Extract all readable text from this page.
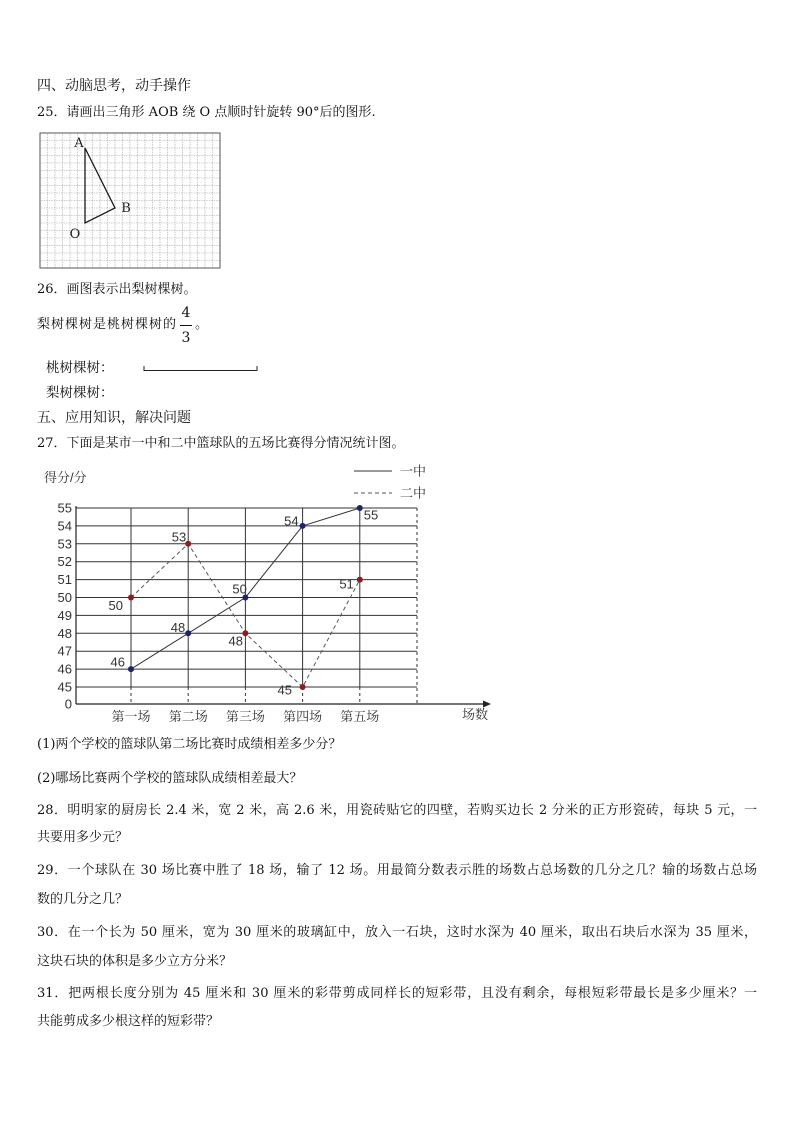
四、动脑思考，动手操作
25．请画出三角形 AOB 绕 O 点顺时针旋转 90°后的图形.
A
B
O
26．画图表示出梨树棵树。
梨树棵树是桃树棵树的
4
3
。
桃树棵树：
梨树棵树：
五、应用知识，解决问题
27．下面是某市一中和二中篮球队的五场比赛得分情况统计图。
0
45
46
47
48
49
50
51
52
53
54
55
第一场 第二场 第三场 第四场 第五场	场数
得分/分	一中
二中
46
48
50
54	55
50
53
48
45
51
(1)两个学校的篮球队第二场比赛时成绩相差多少分？
(2)哪场比赛两个学校的篮球队成绩相差最大？
28．明明家的厨房长 2.4 米，宽 2 米，高 2.6 米，用瓷砖贴它的四壁，若购买边长 2 分米的正方形瓷砖，每块 5 元，一
共要用多少元？
29．一个球队在 30 场比赛中胜了 18 场，输了 12 场。用最简分数表示胜的场数占总场数的几分之几？输的场数占总场
数的几分之几？
30．在一个长为 50 厘米，宽为 30 厘米的玻璃缸中，放入一石块，这时水深为 40 厘米，取出石块后水深为 35 厘米，
这块石块的体积是多少立方分米？
31．把两根长度分别为 45 厘米和 30 厘米的彩带剪成同样长的短彩带，且没有剩余，每根短彩带最长是多少厘米？一
共能剪成多少根这样的短彩带？
